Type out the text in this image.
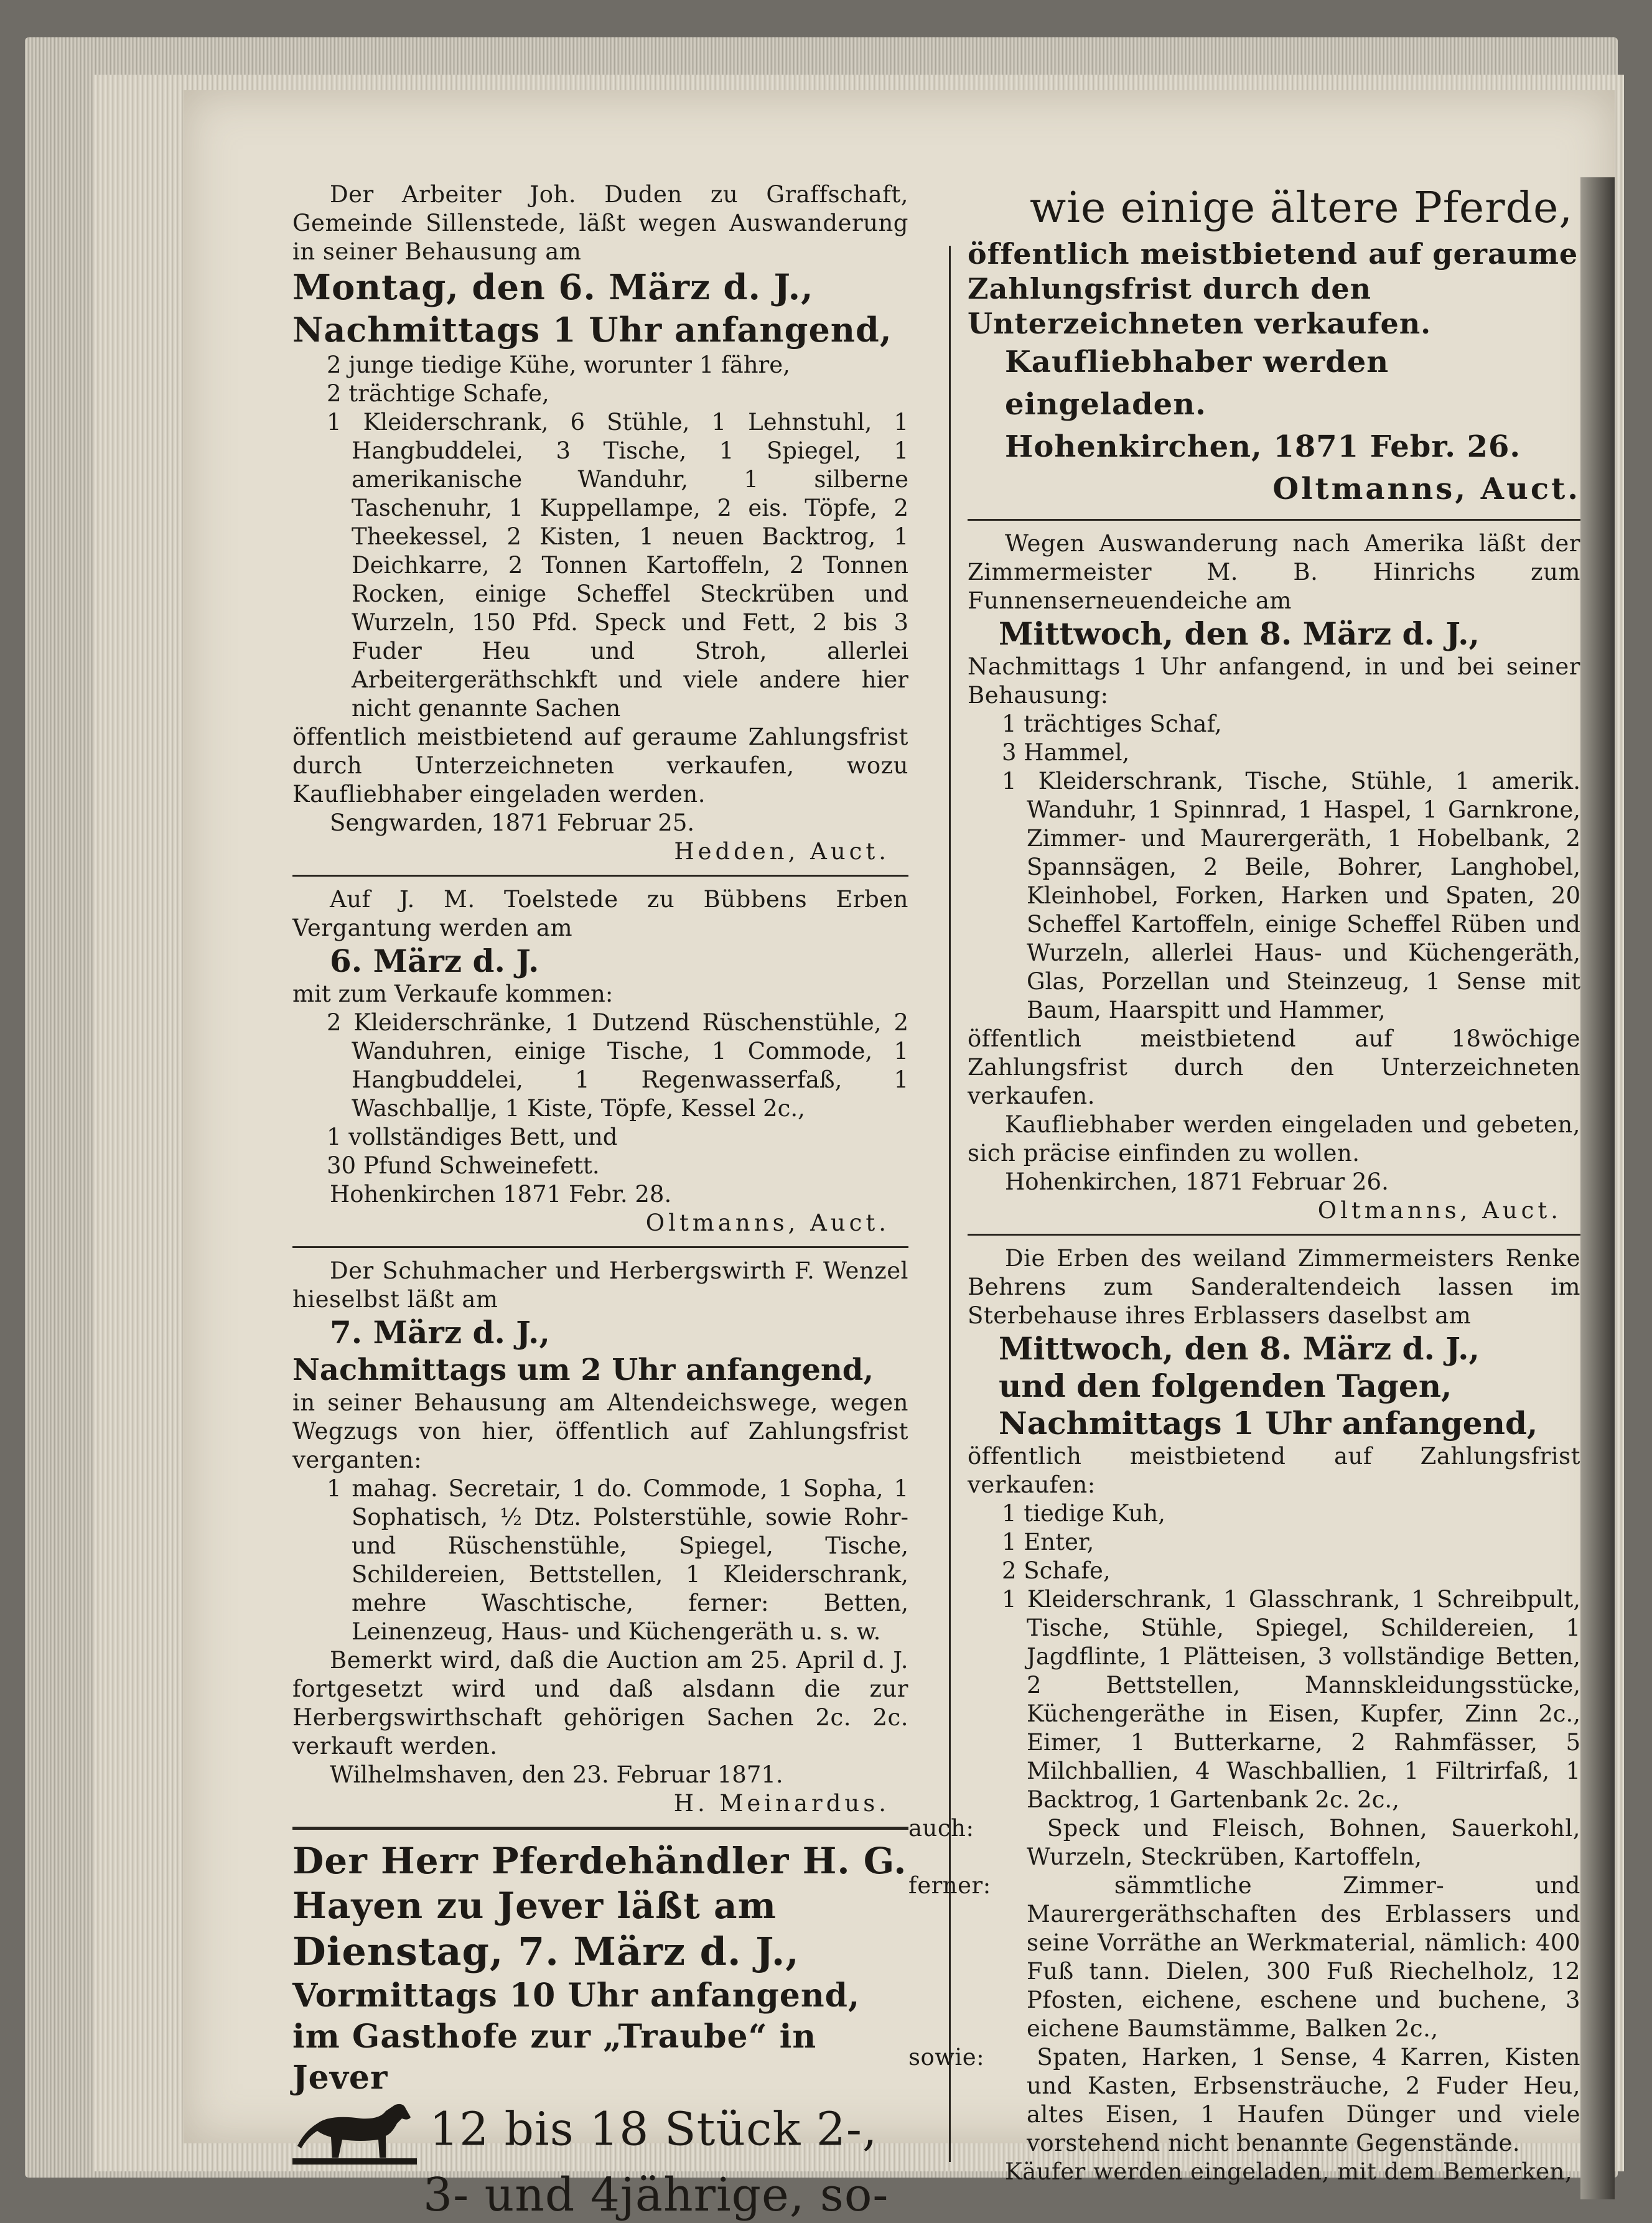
Der Arbeiter Joh. Duden zu Graffschaft, Gemeinde Sillenstede, läßt wegen Auswanderung in seiner Behausung am

Montag, den 6. März d. J.,

Nachmittags 1 Uhr anfangend,

2 junge tiedige Kühe, worunter 1 fähre,

2 trächtige Schafe,

1 Kleiderschrank, 6 Stühle, 1 Lehnstuhl, 1 Hangbuddelei, 3 Tische, 1 Spiegel, 1 amerikanische Wanduhr, 1 silberne Taschenuhr, 1 Kuppellampe, 2 eis. Töpfe, 2 Theekessel, 2 Kisten, 1 neuen Backtrog, 1 Deichkarre, 2 Tonnen Kartoffeln, 2 Tonnen Rocken, einige Scheffel Steckrüben und Wurzeln, 150 Pfd. Speck und Fett, 2 bis 3 Fuder Heu und Stroh, allerlei Arbeitergeräthschkft und viele andere hier nicht genannte Sachen

öffentlich meistbietend auf geraume Zahlungsfrist durch Unterzeichneten verkaufen, wozu Kaufliebhaber eingeladen werden.

Sengwarden, 1871 Februar 25.

Hedden, Auct.

Auf J. M. Toelstede zu Bübbens Erben Vergantung werden am

6. März d. J.

mit zum Verkaufe kommen:

2 Kleiderschränke, 1 Dutzend Rüschenstühle, 2 Wanduhren, einige Tische, 1 Commode, 1 Hangbuddelei, 1 Regenwasserfaß, 1 Waschballje, 1 Kiste, Töpfe, Kessel 2c.,

1 vollständiges Bett, und

30 Pfund Schweinefett.

Hohenkirchen 1871 Febr. 28.

Oltmanns, Auct.

Der Schuhmacher und Herbergswirth F. Wenzel hieselbst läßt am

7. März d. J.,

Nachmittags um 2 Uhr anfangend,

in seiner Behausung am Altendeichswege, wegen Wegzugs von hier, öffentlich auf Zahlungsfrist verganten:

1 mahag. Secretair, 1 do. Commode, 1 Sopha, 1 Sophatisch, ½ Dtz. Polsterstühle, sowie Rohr- und Rüschenstühle, Spiegel, Tische, Schildereien, Bettstellen, 1 Kleiderschrank, mehre Waschtische, ferner: Betten, Leinenzeug, Haus- und Küchengeräth u. s. w.

Bemerkt wird, daß die Auction am 25. April d. J. fortgesetzt wird und daß alsdann die zur Herbergswirthschaft gehörigen Sachen 2c. 2c. verkauft werden.

Wilhelmshaven, den 23. Februar 1871.

H. Meinardus.

Der Herr Pferdehändler H. G. Hayen zu Jever läßt am

Dienstag, 7. März d. J.,

Vormittags 10 Uhr anfangend, im Gasthofe zur „Traube“ in Jever

12 bis 18 Stück 2-,

3- und 4jährige, so-

wie einige ältere Pferde,

öffentlich meistbietend auf geraume Zahlungsfrist durch den Unterzeichneten verkaufen.

Kaufliebhaber werden eingeladen.

Hohenkirchen, 1871 Febr. 26.

Oltmanns, Auct.

Wegen Auswanderung nach Amerika läßt der Zimmermeister M. B. Hinrichs zum Funnenserneuendeiche am

Mittwoch, den 8. März d. J.,

Nachmittags 1 Uhr anfangend, in und bei seiner Behausung:

1 trächtiges Schaf,

3 Hammel,

1 Kleiderschrank, Tische, Stühle, 1 amerik. Wanduhr, 1 Spinnrad, 1 Haspel, 1 Garnkrone, Zimmer- und Maurergeräth, 1 Hobelbank, 2 Spannsägen, 2 Beile, Bohrer, Langhobel, Kleinhobel, Forken, Harken und Spaten, 20 Scheffel Kartoffeln, einige Scheffel Rüben und Wurzeln, allerlei Haus- und Küchengeräth, Glas, Porzellan und Steinzeug, 1 Sense mit Baum, Haarspitt und Hammer,

öffentlich meistbietend auf 18wöchige Zahlungsfrist durch den Unterzeichneten verkaufen.

Kaufliebhaber werden eingeladen und gebeten, sich präcise einfinden zu wollen.

Hohenkirchen, 1871 Februar 26.

Oltmanns, Auct.

Die Erben des weiland Zimmermeisters Renke Behrens zum Sanderaltendeich lassen im Sterbehause ihres Erblassers daselbst am

Mittwoch, den 8. März d. J.,

und den folgenden Tagen,

Nachmittags 1 Uhr anfangend,

öffentlich meistbietend auf Zahlungsfrist verkaufen:

1 tiedige Kuh,

1 Enter,

2 Schafe,

1 Kleiderschrank, 1 Glasschrank, 1 Schreibpult, Tische, Stühle, Spiegel, Schildereien, 1 Jagdflinte, 1 Plätteisen, 3 vollständige Betten, 2 Bettstellen, Mannskleidungsstücke, Küchengeräthe in Eisen, Kupfer, Zinn 2c., Eimer, 1 Butterkarne, 2 Rahmfässer, 5 Milchballien, 4 Waschballien, 1 Filtrirfaß, 1 Backtrog, 1 Gartenbank 2c. 2c.,

auch:	Speck und Fleisch, Bohnen, Sauerkohl, Wurzeln, Steckrüben, Kartoffeln,

ferner:	sämmtliche Zimmer- und Maurergeräthschaften des Erblassers und seine Vorräthe an Werkmaterial, nämlich: 400 Fuß tann. Dielen, 300 Fuß Riechelholz, 12 Pfosten, eichene, eschene und buchene, 3 eichene Baumstämme, Balken 2c.,

sowie: Spaten, Harken, 1 Sense, 4 Karren, Kisten und Kasten, Erbsensträuche, 2 Fuder Heu, altes Eisen, 1 Haufen Dünger und viele vorstehend nicht benannte Gegenstände.

Käufer werden eingeladen, mit dem Bemerken,
